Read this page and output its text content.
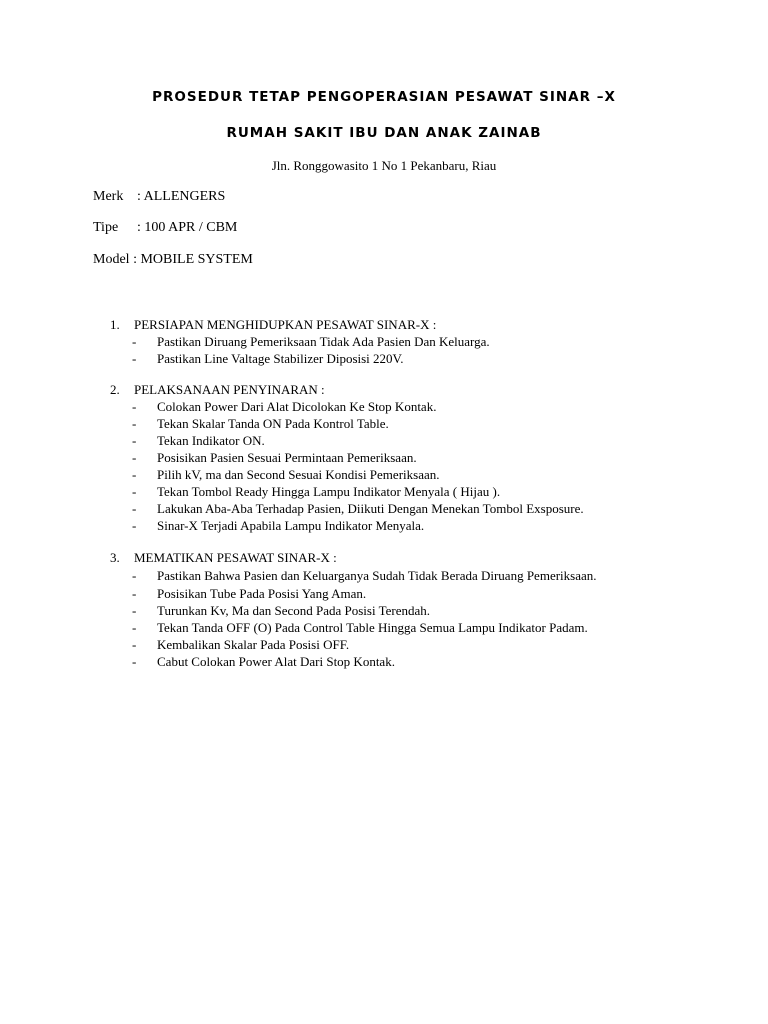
PROSEDUR TETAP PENGOPERASIAN PESAWAT SINAR –X
RUMAH SAKIT IBU DAN ANAK ZAINAB
Jln. Ronggowasito 1 No 1 Pekanbaru, Riau
Merk : ALLENGERS
Tipe : 100 APR / CBM
Model : MOBILE SYSTEM
1.	PERSIAPAN MENGHIDUPKAN PESAWAT SINAR-X :
-	Pastikan Diruang Pemeriksaan Tidak Ada Pasien Dan Keluarga.
-	Pastikan Line Valtage Stabilizer Diposisi 220V.
2.	PELAKSANAAN PENYINARAN :
-	Colokan Power Dari Alat Dicolokan Ke Stop Kontak.
-	Tekan Skalar Tanda ON Pada Kontrol Table.
-	Tekan Indikator ON.
-	Posisikan Pasien Sesuai Permintaan Pemeriksaan.
-	Pilih kV, ma dan Second Sesuai Kondisi Pemeriksaan.
-	Tekan Tombol Ready Hingga Lampu Indikator Menyala ( Hijau ).
-	Lakukan Aba-Aba Terhadap Pasien, Diikuti Dengan Menekan Tombol Exsposure.
-	Sinar-X Terjadi Apabila Lampu Indikator Menyala.
3.	MEMATIKAN PESAWAT SINAR-X :
-	Pastikan Bahwa Pasien dan Keluarganya Sudah Tidak Berada Diruang Pemeriksaan.
-	Posisikan Tube Pada Posisi Yang Aman.
-	Turunkan Kv, Ma dan Second Pada Posisi Terendah.
-	Tekan Tanda OFF (O) Pada Control Table Hingga Semua Lampu Indikator Padam.
-	Kembalikan Skalar Pada Posisi OFF.
-	Cabut Colokan Power Alat Dari Stop Kontak.
